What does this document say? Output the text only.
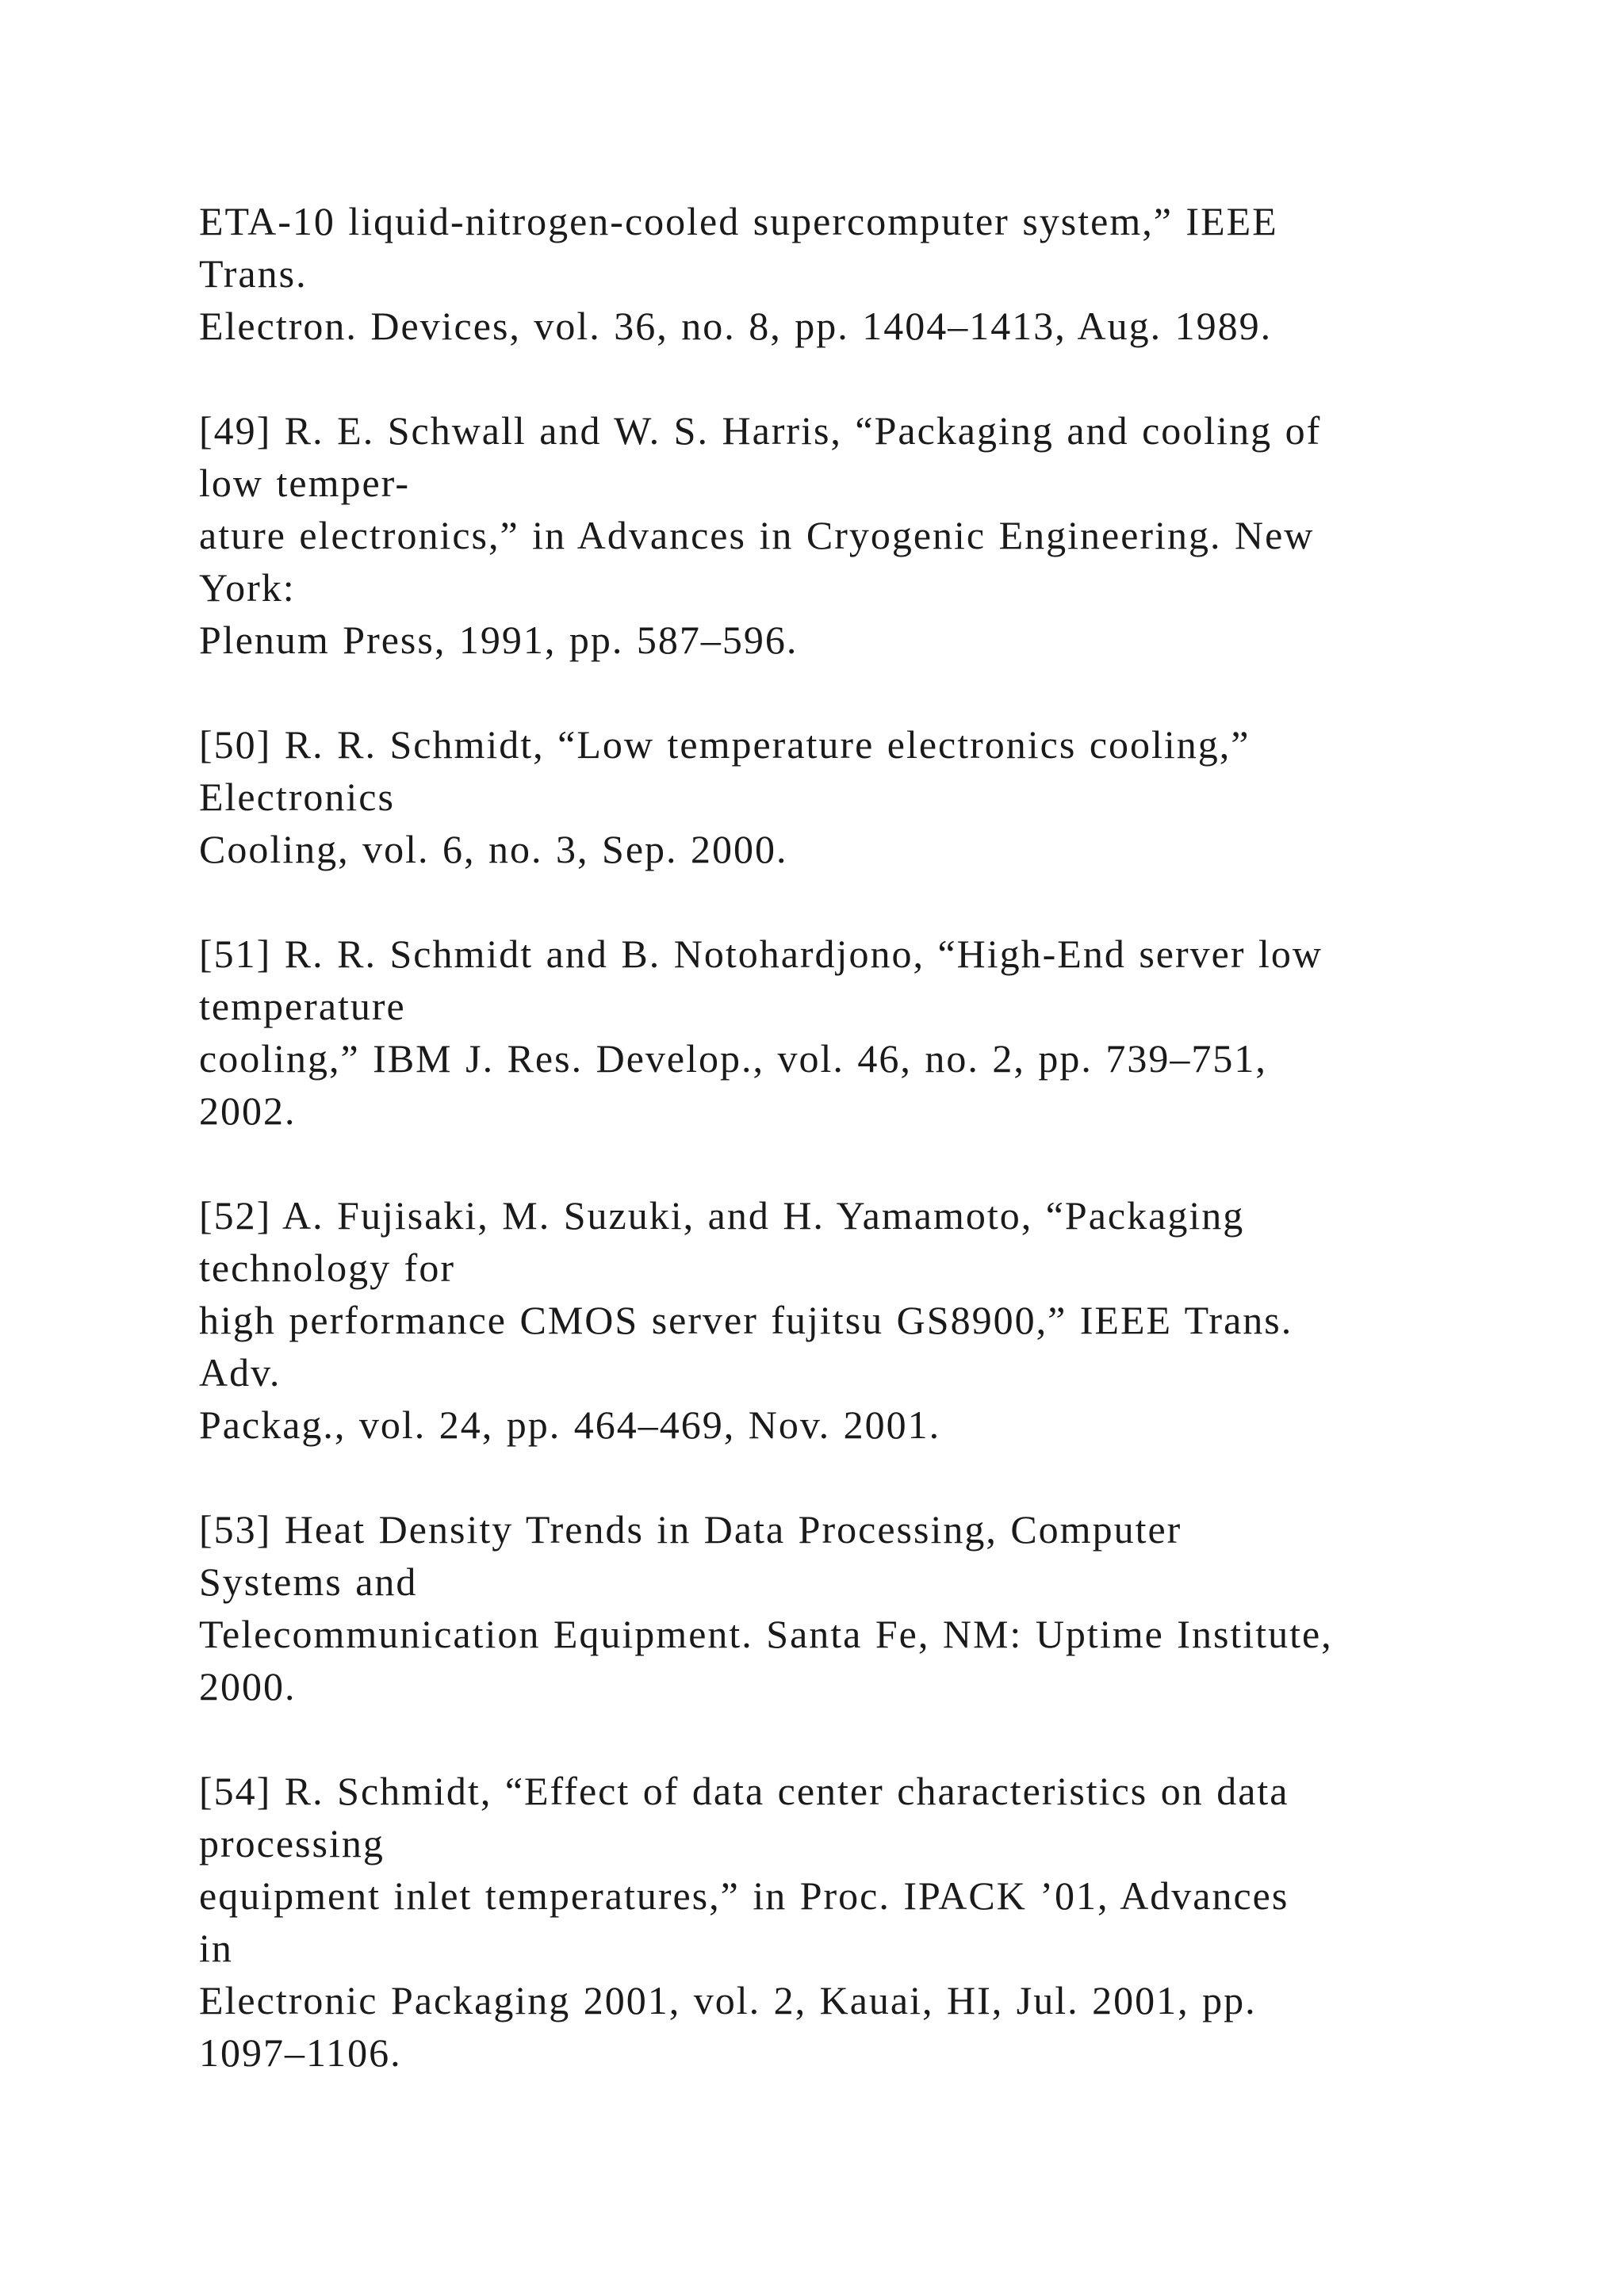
ETA-10 liquid-nitrogen-cooled supercomputer system,” IEEE
Trans.
Electron. Devices, vol. 36, no. 8, pp. 1404–1413, Aug. 1989.
[49] R. E. Schwall and W. S. Harris, “Packaging and cooling of
low temper-
ature electronics,” in Advances in Cryogenic Engineering. New
York:
Plenum Press, 1991, pp. 587–596.
[50] R. R. Schmidt, “Low temperature electronics cooling,”
Electronics
Cooling, vol. 6, no. 3, Sep. 2000.
[51] R. R. Schmidt and B. Notohardjono, “High-End server low
temperature
cooling,” IBM J. Res. Develop., vol. 46, no. 2, pp. 739–751,
2002.
[52] A. Fujisaki, M. Suzuki, and H. Yamamoto, “Packaging
technology for
high performance CMOS server fujitsu GS8900,” IEEE Trans.
Adv.
Packag., vol. 24, pp. 464–469, Nov. 2001.
[53] Heat Density Trends in Data Processing, Computer
Systems and
Telecommunication Equipment. Santa Fe, NM: Uptime Institute,
2000.
[54] R. Schmidt, “Effect of data center characteristics on data
processing
equipment inlet temperatures,” in Proc. IPACK ’01, Advances
in
Electronic Packaging 2001, vol. 2, Kauai, HI, Jul. 2001, pp.
1097–1106.
